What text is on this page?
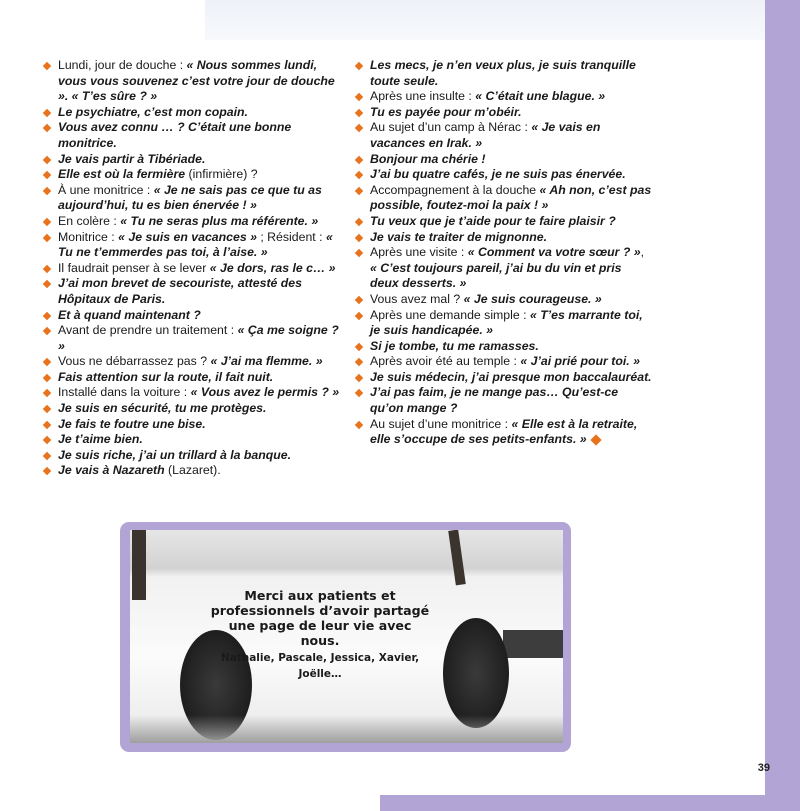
Lundi, jour de douche : « Nous sommes lundi, vous vous souvenez c’est votre jour de douche ». « T’es sûre ? »
Le psychiatre, c’est mon copain.
Vous avez connu … ? C’était une bonne monitrice.
Je vais partir à Tibériade.
Elle est où la fermière (infirmière) ?
À une monitrice : « Je ne sais pas ce que tu as aujourd’hui, tu es bien énervée ! »
En colère : « Tu ne seras plus ma référente. »
Monitrice : « Je suis en vacances » ; Résident : « Tu ne t’emmerdes pas toi, à l’aise. »
Il faudrait penser à se lever « Je dors, ras le c… »
J’ai mon brevet de secouriste, attesté des Hôpitaux de Paris.
Et à quand maintenant ?
Avant de prendre un traitement : « Ça me soigne ? »
Vous ne débarrassez pas ? « J’ai ma flemme. »
Fais attention sur la route, il fait nuit.
Installé dans la voiture : « Vous avez le permis ? »
Je suis en sécurité, tu me protèges.
Je fais te foutre une bise.
Je t’aime bien.
Je suis riche, j’ai un trillard à la banque.
Je vais à Nazareth (Lazaret).
Les mecs, je n’en veux plus, je suis tranquille toute seule.
Après une insulte : « C’était une blague. »
Tu es payée pour m’obéir.
Au sujet d’un camp à Nérac : « Je vais en vacances en Irak. »
Bonjour ma chérie !
J’ai bu quatre cafés, je ne suis pas énervée.
Accompagnement à la douche « Ah non, c’est pas possible, foutez-moi la paix ! »
Tu veux que je t’aide pour te faire plaisir ?
Je vais te traiter de mignonne.
Après une visite : « Comment va votre sœur ? », « C’est toujours pareil, j’ai bu du vin et pris deux desserts. »
Vous avez mal ? « Je suis courageuse. »
Après une demande simple : « T’es marrante toi, je suis handicapée. »
Si je tombe, tu me ramasses.
Après avoir été au temple : « J’ai prié pour toi. »
Je suis médecin, j’ai presque mon baccalauréat.
J’ai pas faim, je ne mange pas… Qu’est-ce qu’on mange ?
Au sujet d’une monitrice : « Elle est à la retraite, elle s’occupe de ses petits-enfants. »

Merci aux patients et professionnels d’avoir partagé une page de leur vie avec nous.

Nathalie, Pascale, Jessica, Xavier, Joëlle…

39
